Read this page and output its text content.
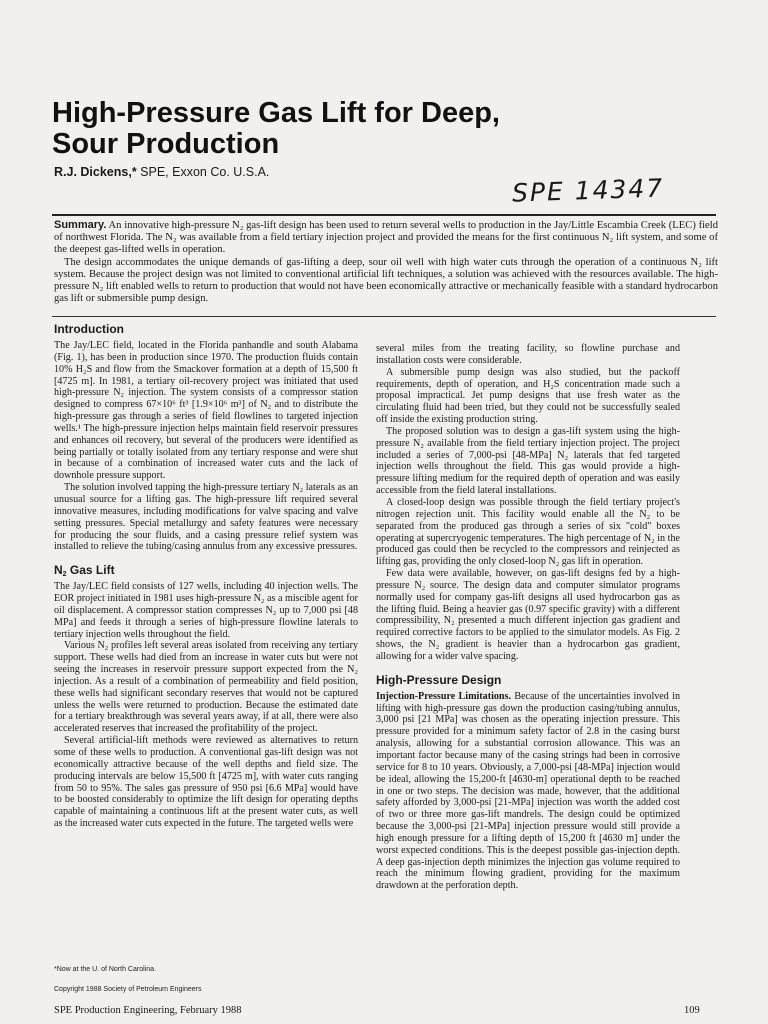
High-Pressure Gas Lift for Deep,
Sour Production
R.J. Dickens,* SPE, Exxon Co. U.S.A.
SPE 14347

Summary. An innovative high-pressure N₂ gas-lift design has been used to return several wells to production in the Jay/Little Escambia Creek (LEC) field of northwest Florida. The N₂ was available from a field tertiary injection project and provided the means for the first continuous N₂ lift system, and some of the deepest gas-lifted wells in operation.

The design accommodates the unique demands of gas-lifting a deep, sour oil well with high water cuts through the operation of a continuous N₂ lift system. Because the project design was not limited to conventional artificial lift techniques, a solution was achieved with the resources available. The high-pressure N₂ lift enabled wells to return to production that would not have been economically attractive or mechanically feasible with a standard hydrocarbon gas lift or submersible pump design.

Introduction

The Jay/LEC field, located in the Florida panhandle and south Alabama (Fig. 1), has been in production since 1970. The production fluids contain 10% H₂S and flow from the Smackover formation at a depth of 15,500 ft [4725 m]. In 1981, a tertiary oil-recovery project was initiated that used high-pressure N₂ injection. The system consists of a compressor station designed to compress 67×10⁶ ft³ [1.9×10⁶ m³] of N₂ and to distribute the high-pressure gas through a series of field flowlines to targeted injection wells.¹ The high-pressure injection helps maintain field reservoir pressures and enhances oil recovery, but several of the producers were identified as being partially or totally isolated from any tertiary response and were shut in because of a combination of increased water cuts and the lack of downhole pressure support.

The solution involved tapping the high-pressure tertiary N₂ laterals as an unusual source for a lifting gas. The high-pressure lift required several innovative measures, including modifications for valve spacing and valve setting pressures. Special metallurgy and safety features were necessary for producing the sour fluids, and a casing pressure relief system was installed to relieve the tubing/casing annulus from any excessive pressures.

$N_2$ Gas Lift

The Jay/LEC field consists of 127 wells, including 40 injection wells. The EOR project initiated in 1981 uses high-pressure N₂ as a miscible agent for oil displacement. A compressor station compresses N₂ up to 7,000 psi [48 MPa] and feeds it through a series of high-pressure flowline laterals to tertiary injection wells throughout the field.

Various N₂ profiles left several areas isolated from receiving any tertiary support. These wells had died from an increase in water cuts but were not seeing the increases in reservoir pressure support expected from the N₂ injection. As a result of a combination of permeability and field position, these wells had significant secondary reserves that would not be captured unless the wells were returned to production. Because the estimated date for a tertiary breakthrough was several years away, if at all, there were also accelerated reserves that increased the profitability of the project.

Several artificial-lift methods were reviewed as alternatives to return some of these wells to production. A conventional gas-lift design was not economically attractive because of the well depths and field size. The producing intervals are below 15,500 ft [4725 m], with water cuts ranging from 50 to 95%. The sales gas pressure of 950 psi [6.6 MPa] would have to be boosted considerably to optimize the lift design for operating depths capable of maintaining a continuous lift at the present water cuts, as well as the increased water cuts expected in the future. The targeted wells were

several miles from the treating facility, so flowline purchase and installation costs were considerable.

A submersible pump design was also studied, but the packoff requirements, depth of operation, and H₂S concentration made such a proposal impractical. Jet pump designs that use fresh water as the circulating fluid had been tried, but they could not be successfully sealed off inside the existing production string.

The proposed solution was to design a gas-lift system using the high-pressure N₂ available from the field tertiary injection project. The project included a series of 7,000-psi [48-MPa] N₂ laterals that fed targeted injection wells throughout the field. This gas would provide a high-pressure lifting medium for the required depth of operation and was easily accessible from the field lateral installations.

A closed-loop design was possible through the field tertiary project's nitrogen rejection unit. This facility would enable all the N₂ to be separated from the produced gas through a series of six "cold" boxes operating at supercryogenic temperatures. The high percentage of N₂ in the produced gas could then be recycled to the compressors and reinjected as lifting gas, providing the only closed-loop N₂ gas lift in operation.

Few data were available, however, on gas-lift designs fed by a high-pressure N₂ source. The design data and computer simulator programs normally used for company gas-lift designs all used hydrocarbon gas as the lifting fluid. Being a heavier gas (0.97 specific gravity) with a different compressibility, N₂ presented a much different injection gas gradient and required corrective factors to be applied to the simulator models. As Fig. 2 shows, the N₂ gradient is heavier than a hydrocarbon gas gradient, allowing for a wider valve spacing.

High-Pressure Design

Injection-Pressure Limitations. Because of the uncertainties involved in lifting with high-pressure gas down the production casing/tubing annulus, 3,000 psi [21 MPa] was chosen as the operating injection pressure. This pressure provided for a minimum safety factor of 2.8 in the casing burst analysis, allowing for a substantial corrosion allowance. This was an important factor because many of the casing strings had been in corrosive service for 8 to 10 years. Obviously, a 7,000-psi [48-MPa] injection would be ideal, allowing the 15,200-ft [4630-m] operational depth to be reached in one or two steps. The decision was made, however, that the additional safety afforded by 3,000-psi [21-MPa] injection was worth the added cost of two or three more gas-lift mandrels. The design could be optimized because the 3,000-psi [21-MPa] injection pressure would still provide a high enough pressure for a lifting depth of 15,200 ft [4630 m] under the worst expected conditions. This is the deepest possible gas-injection depth. A deep gas-injection depth minimizes the injection gas volume required to reach the minimum flowing gradient, providing for the maximum drawdown at the perforation depth.

*Now at the U. of North Carolina.
Copyright 1988 Society of Petroleum Engineers
SPE Production Engineering, February 1988	109
